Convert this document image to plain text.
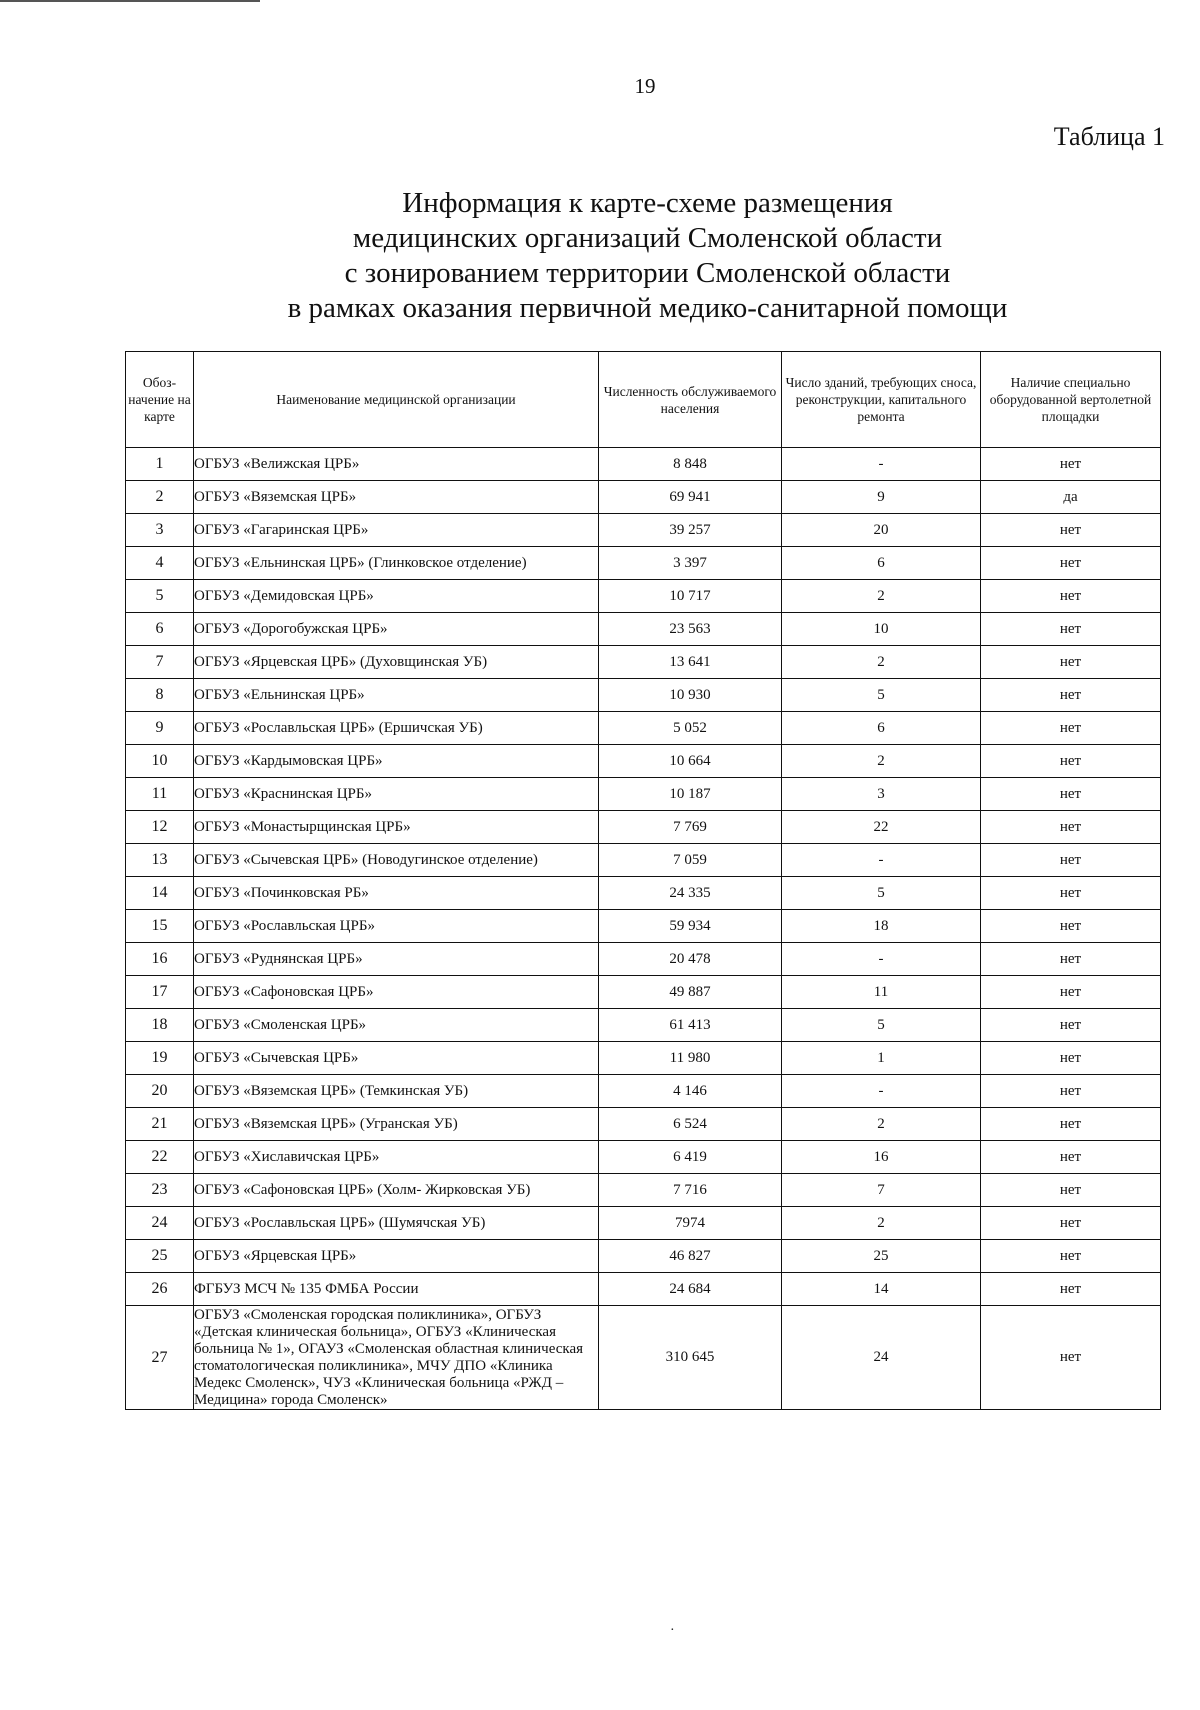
19
Таблица 1
Информация к карте-схеме размещения
медицинских организаций Смоленской области
с зонированием территории Смоленской области
в рамках оказания первичной медико-санитарной помощи
Обоз-начение на карте	Наименование медицинской организации	Численность обслуживаемого населения	Число зданий, требующих сноса, реконструкции, капитального ремонта	Наличие специально оборудованной вертолетной площадки
1	ОГБУЗ «Велижская ЦРБ»	8 848	-	нет
2	ОГБУЗ «Вяземская ЦРБ»	69 941	9	да
3	ОГБУЗ «Гагаринская ЦРБ»	39 257	20	нет
4	ОГБУЗ «Ельнинская ЦРБ» (Глинковское отделение)	3 397	6	нет
5	ОГБУЗ «Демидовская ЦРБ»	10 717	2	нет
6	ОГБУЗ «Дорогобужская ЦРБ»	23 563	10	нет
7	ОГБУЗ «Ярцевская ЦРБ» (Духовщинская УБ)	13 641	2	нет
8	ОГБУЗ «Ельнинская ЦРБ»	10 930	5	нет
9	ОГБУЗ «Рославльская ЦРБ» (Ершичская УБ)	5 052	6	нет
10	ОГБУЗ «Кардымовская ЦРБ»	10 664	2	нет
11	ОГБУЗ «Краснинская ЦРБ»	10 187	3	нет
12	ОГБУЗ «Монастырщинская ЦРБ»	7 769	22	нет
13	ОГБУЗ «Сычевская ЦРБ» (Новодугинское отделение)	7 059	-	нет
14	ОГБУЗ «Починковская РБ»	24 335	5	нет
15	ОГБУЗ «Рославльская ЦРБ»	59 934	18	нет
16	ОГБУЗ «Руднянская ЦРБ»	20 478	-	нет
17	ОГБУЗ «Сафоновская ЦРБ»	49 887	11	нет
18	ОГБУЗ «Смоленская ЦРБ»	61 413	5	нет
19	ОГБУЗ «Сычевская ЦРБ»	11 980	1	нет
20	ОГБУЗ «Вяземская ЦРБ» (Темкинская УБ)	4 146	-	нет
21	ОГБУЗ «Вяземская ЦРБ» (Угранская УБ)	6 524	2	нет
22	ОГБУЗ «Хиславичская ЦРБ»	6 419	16	нет
23	ОГБУЗ «Сафоновская ЦРБ» (Холм- Жирковская УБ)	7 716	7	нет
24	ОГБУЗ «Рославльская ЦРБ» (Шумячская УБ)	7974	2	нет
25	ОГБУЗ «Ярцевская ЦРБ»	46 827	25	нет
26	ФГБУЗ МСЧ № 135 ФМБА России	24 684	14	нет
27	ОГБУЗ «Смоленская городская поликлиника», ОГБУЗ «Детская клиническая больница», ОГБУЗ «Клиническая больница № 1», ОГАУЗ «Смоленская областная клиническая стоматологическая поликлиника», МЧУ ДПО «Клиника Медекс Смоленск», ЧУЗ «Клиническая больница «РЖД – Медицина» города Смоленск»	310 645	24	нет
·
